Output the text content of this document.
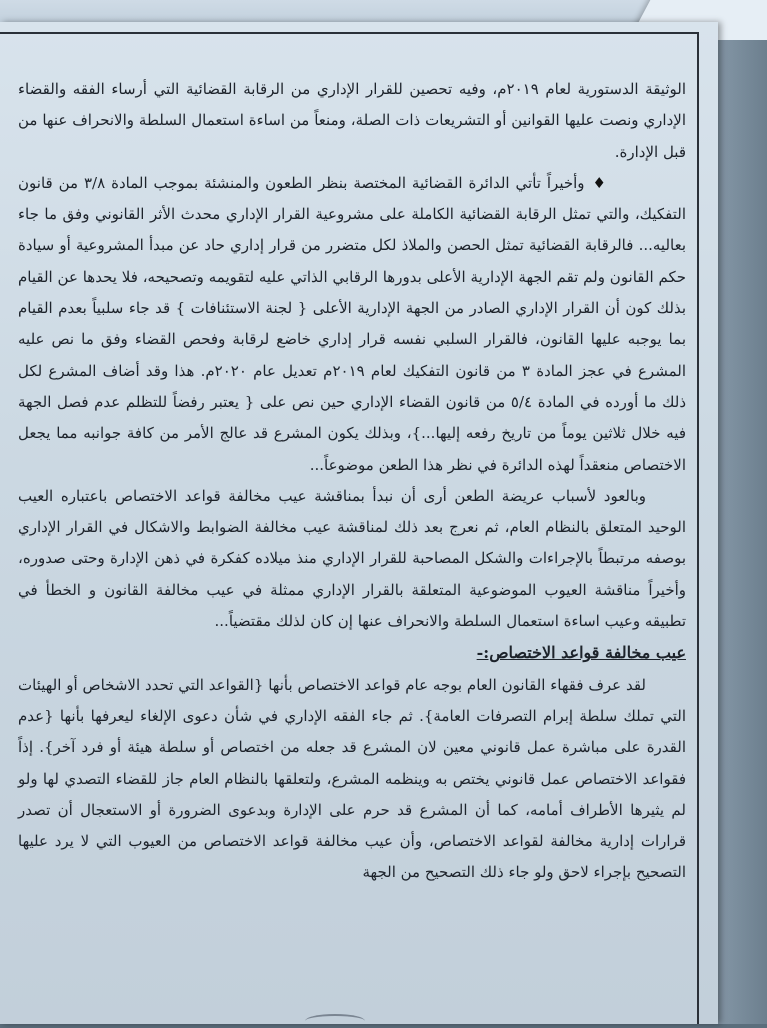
الوثيقة الدستورية لعام ٢٠١٩م، وفيه تحصين للقرار الإداري من الرقابة القضائية التي أرساء الفقه والقضاء الإداري ونصت عليها القوانين أو التشريعات ذات الصلة، ومنعاً من اساءة استعمال السلطة والانحراف عنها من قبل الإدارة.

♦وأخيراً تأتي الدائرة القضائية المختصة بنظر الطعون والمنشئة بموجب المادة ٣/٨ من قانون التفكيك، والتي تمثل الرقابة القضائية الكاملة على مشروعية القرار الإداري محدث الأثر القانوني وفق ما جاء بعاليه... فالرقابة القضائية تمثل الحصن والملاذ لكل متضرر من قرار إداري حاد عن مبدأ المشروعية أو سيادة حكم القانون ولم تقم الجهة الإدارية الأعلى بدورها الرقابي الذاتي عليه لتقويمه وتصحيحه، فلا يحدها عن القيام بذلك كون أن القرار الإداري الصادر من الجهة الإدارية الأعلى { لجنة الاستئنافات } قد جاء سلبياً بعدم القيام بما يوجبه عليها القانون، فالقرار السلبي نفسه قرار إداري خاضع لرقابة وفحص القضاء وفق ما نص عليه المشرع في عجز المادة ٣ من قانون التفكيك لعام ٢٠١٩م تعديل عام ٢٠٢٠م. هذا وقد أضاف المشرع لكل ذلك ما أورده في المادة ٥/٤ من قانون القضاء الإداري حين نص على { يعتبر رفضاً للتظلم عدم فصل الجهة فيه خلال ثلاثين يوماً من تاريخ رفعه إليها...}، وبذلك يكون المشرع قد عالج الأمر من كافة جوانبه مما يجعل الاختصاص منعقداً لهذه الدائرة في نظر هذا الطعن موضوعاً...

وبالعود لأسباب عريضة الطعن أرى أن نبدأ بمناقشة عيب مخالفة قواعد الاختصاص باعتباره العيب الوحيد المتعلق بالنظام العام، ثم نعرج بعد ذلك لمناقشة عيب مخالفة الضوابط والاشكال في القرار الإداري بوصفه مرتبطاً بالإجراءات والشكل المصاحبة للقرار الإداري منذ ميلاده كفكرة في ذهن الإدارة وحتى صدوره، وأخيراً مناقشة العيوب الموضوعية المتعلقة بالقرار الإداري ممثلة في عيب مخالفة القانون و الخطأ في تطبيقه وعيب اساءة استعمال السلطة والانحراف عنها إن كان لذلك مقتضياً...

عيب مخالفة قواعد الاختصاص:-

لقد عرف فقهاء القانون العام بوجه عام قواعد الاختصاص بأنها {القواعد التي تحدد الاشخاص أو الهيئات التي تملك سلطة إبرام التصرفات العامة}. ثم جاء الفقه الإداري في شأن دعوى الإلغاء ليعرفها بأنها {عدم القدرة على مباشرة عمل قانوني معين لان المشرع قد جعله من اختصاص أو سلطة هيئة أو فرد آخر}. إذاً فقواعد الاختصاص عمل قانوني يختص به وينظمه المشرع، ولتعلقها بالنظام العام جاز للقضاء التصدي لها ولو لم يثيرها الأطراف أمامه، كما أن المشرع قد حرم على الإدارة وبدعوى الضرورة أو الاستعجال أن تصدر قرارات إدارية مخالفة لقواعد الاختصاص، وأن عيب مخالفة قواعد الاختصاص من العيوب التي لا يرد عليها التصحيح بإجراء لاحق ولو جاء ذلك التصحيح من الجهة
